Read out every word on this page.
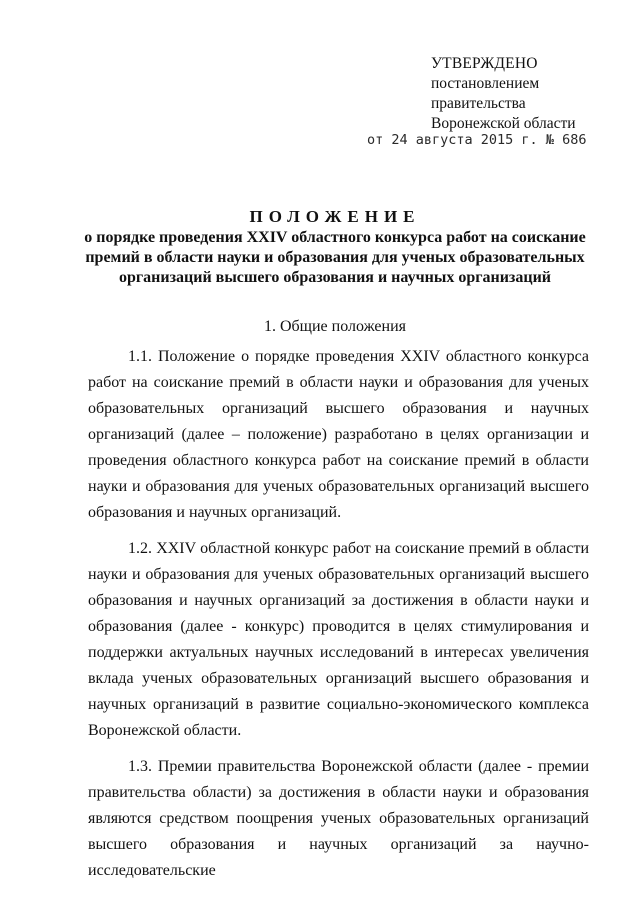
УТВЕРЖДЕНО
постановлением
правительства
Воронежской области
от 24 августа 2015 г. № 686
ПОЛОЖЕНИЕ
о порядке проведения XXIV областного конкурса работ на соискание премий в области науки и образования для ученых образовательных организаций высшего образования и научных организаций
1. Общие положения

1.1. Положение о порядке проведения XXIV областного конкурса работ на соискание премий в области науки и образования для ученых образовательных организаций высшего образования и научных организаций (далее – положение) разработано в целях организации и проведения областного конкурса работ на соискание премий в области науки и образования для ученых образовательных организаций высшего образования и научных организаций.

1.2. XXIV областной конкурс работ на соискание премий в области науки и образования для ученых образовательных организаций высшего образования и научных организаций за достижения в области науки и образования (далее - конкурс) проводится в целях стимулирования и поддержки актуальных научных исследований в интересах увеличения вклада ученых образовательных организаций высшего образования и научных организаций в развитие социально-экономического комплекса Воронежской области.

1.3. Премии правительства Воронежской области (далее - премии правительства области) за достижения в области науки и образования являются средством поощрения ученых образовательных организаций высшего образования и научных организаций за научно-исследовательские
